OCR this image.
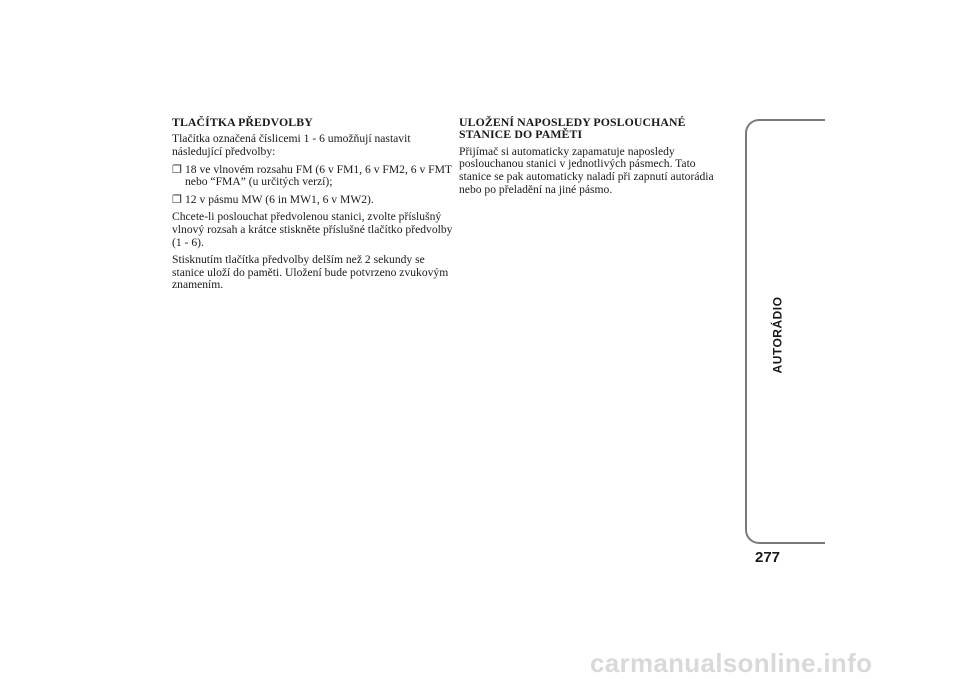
TLAČÍTKA PŘEDVOLBY

Tlačítka označená číslicemi 1 - 6 umožňují nastavit následující předvolby:

❐ 18 ve vlnovém rozsahu FM (6 v FM1, 6 v FM2, 6 v FMT nebo “FMA” (u určitých verzí);
❐ 12 v pásmu MW (6 in MW1, 6 v MW2).

Chcete-li poslouchat předvolenou stanici, zvolte příslušný vlnový rozsah a krátce stiskněte příslušné tlačítko předvolby (1 - 6).

Stisknutím tlačítka předvolby delším než 2 sekundy se stanice uloží do paměti. Uložení bude potvrzeno zvukovým znamením.

ULOŽENÍ NAPOSLEDY POSLOUCHANÉ STANICE DO PAMĚTI

Přijímač si automaticky zapamatuje naposledy poslouchanou stanici v jednotlivých pásmech. Tato stanice se pak automaticky naladí při zapnutí autorádia nebo po přeladění na jiné pásmo.

AUTORÁDIO
277
carmanualsonline.info
